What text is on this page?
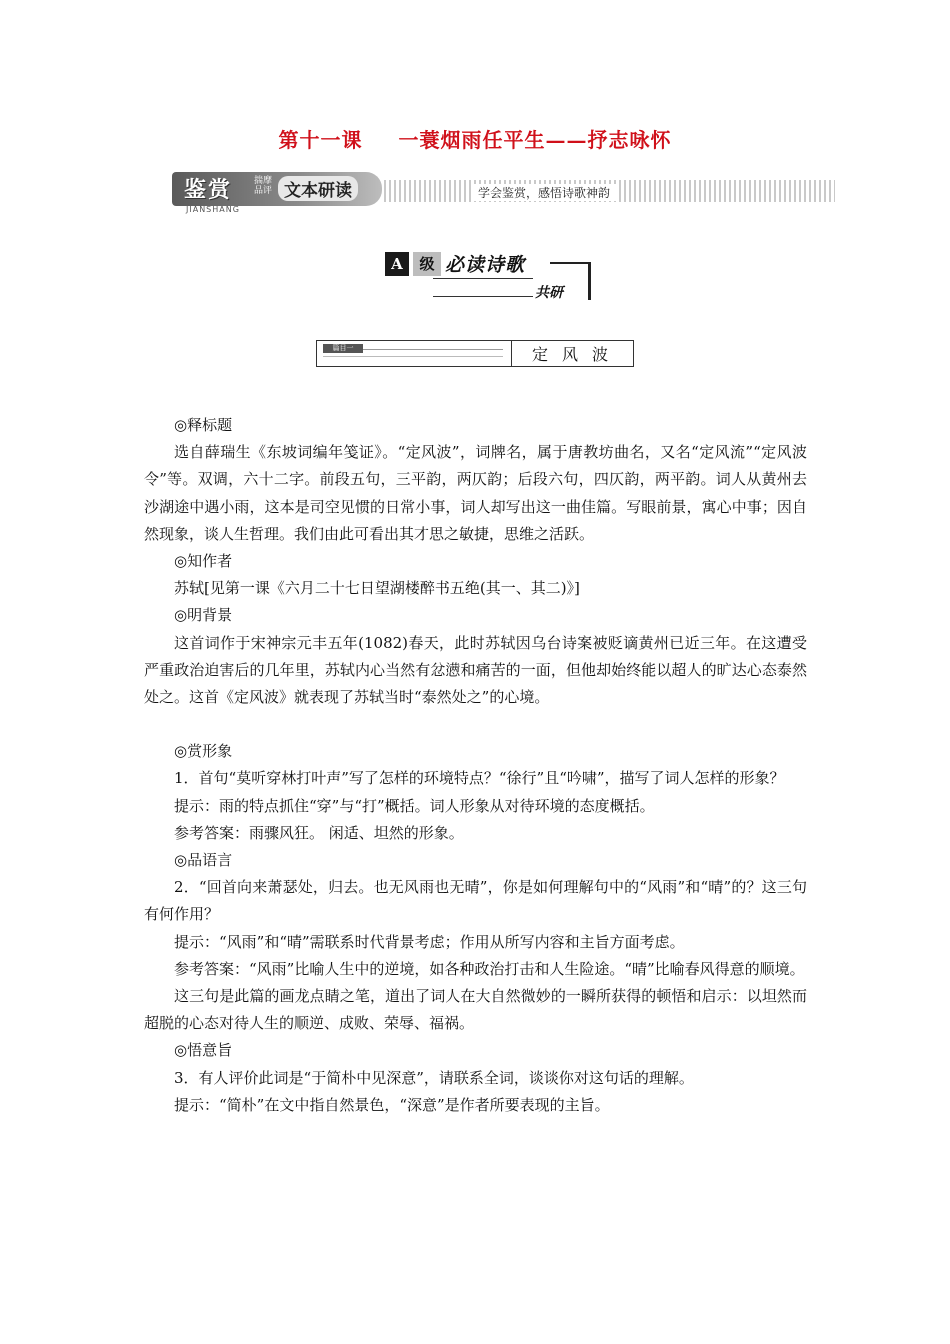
第十一课 一蓑烟雨任平生——抒志咏怀
鉴赏 揣摩品评 文本研读
JIANSHANG
学会鉴赏，感悟诗歌神韵
A	级 必读诗歌
共研
篇目一	定风波

◎释标题

选自薛瑞生《东坡词编年笺证》。“定风波”，词牌名，属于唐教坊曲名，又名“定风流”“定风波令”等。双调，六十二字。前段五句，三平韵，两仄韵；后段六句，四仄韵，两平韵。词人从黄州去沙湖途中遇小雨，这本是司空见惯的日常小事，词人却写出这一曲佳篇。写眼前景，寓心中事；因自然现象，谈人生哲理。我们由此可看出其才思之敏捷，思维之活跃。

◎知作者

苏轼[见第一课《六月二十七日望湖楼醉书五绝(其一、其二)》]

◎明背景

这首词作于宋神宗元丰五年(1082)春天，此时苏轼因乌台诗案被贬谪黄州已近三年。在这遭受严重政治迫害后的几年里，苏轼内心当然有忿懑和痛苦的一面，但他却始终能以超人的旷达心态泰然处之。这首《定风波》就表现了苏轼当时“泰然处之”的心境。

◎赏形象

1．首句“莫听穿林打叶声”写了怎样的环境特点？“徐行”且“吟啸”，描写了词人怎样的形象？

提示：雨的特点抓住“穿”与“打”概括。词人形象从对待环境的态度概括。

参考答案：雨骤风狂。 闲适、坦然的形象。

◎品语言

2．“回首向来萧瑟处，归去。也无风雨也无晴”，你是如何理解句中的“风雨”和“晴”的？这三句有何作用？

提示：“风雨”和“晴”需联系时代背景考虑；作用从所写内容和主旨方面考虑。

参考答案：“风雨”比喻人生中的逆境，如各种政治打击和人生险途。“晴”比喻春风得意的顺境。

这三句是此篇的画龙点睛之笔，道出了词人在大自然微妙的一瞬所获得的顿悟和启示：以坦然而超脱的心态对待人生的顺逆、成败、荣辱、福祸。

◎悟意旨

3．有人评价此词是“于简朴中见深意”，请联系全词，谈谈你对这句话的理解。

提示：“简朴”在文中指自然景色，“深意”是作者所要表现的主旨。
